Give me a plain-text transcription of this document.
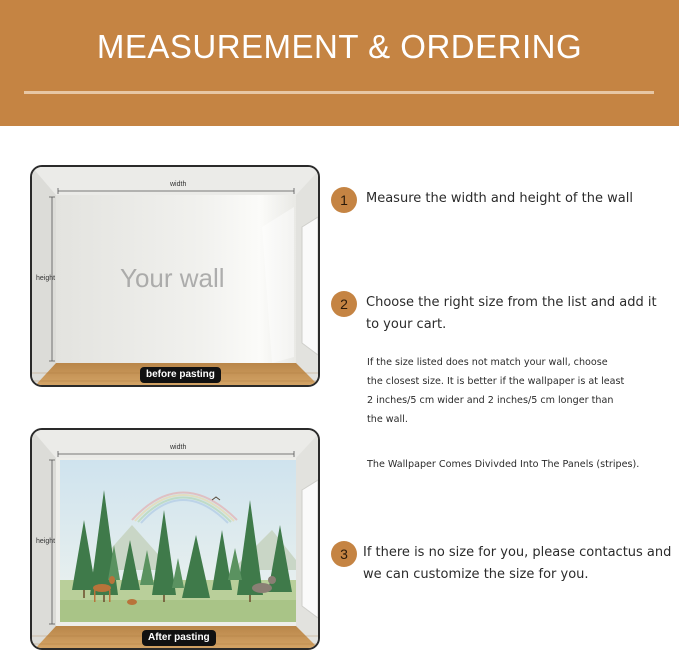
MEASUREMENT & ORDERING
width
height Your wall
before pasting
width
height
After pasting
1	Measure the width and height of the wall
2	Choose the right size from the list and add it
to your cart.
If the size listed does not match your wall, choose
the closest size. It is better if the wallpaper is at least
2 inches/5 cm wider and 2 inches/5 cm longer than
the wall.
The Wallpaper Comes Divivded Into The Panels (stripes).
3	If there is no size for you, please contactus and
we can customize the size for you.
